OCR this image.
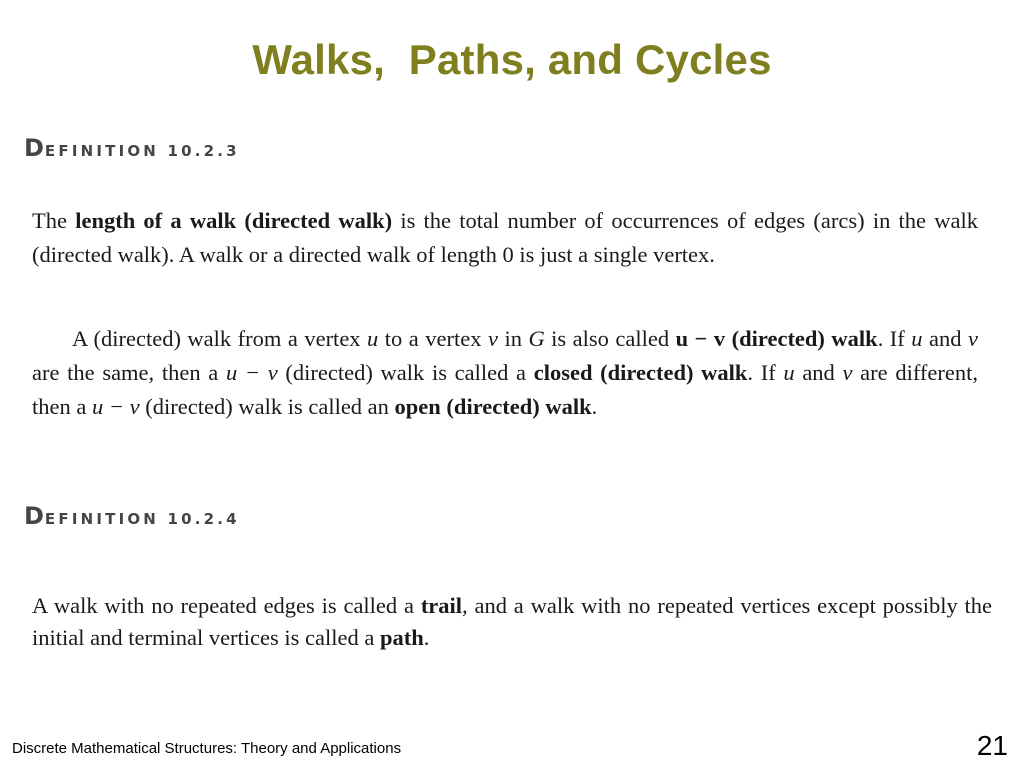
Walks,  Paths, and Cycles
DEFINITION 10.2.3

The length of a walk (directed walk) is the total number of occurrences of edges (arcs) in the walk (directed walk). A walk or a directed walk of length 0 is just a single vertex.

A (directed) walk from a vertex u to a vertex v in G is also called u − v (directed) walk. If u and v are the same, then a u − v (directed) walk is called a closed (directed) walk. If u and v are different, then a u − v (directed) walk is called an open (directed) walk.

DEFINITION 10.2.4

A walk with no repeated edges is called a trail, and a walk with no repeated vertices except possibly the initial and terminal vertices is called a path.

Discrete Mathematical Structures: Theory and Applications	21
